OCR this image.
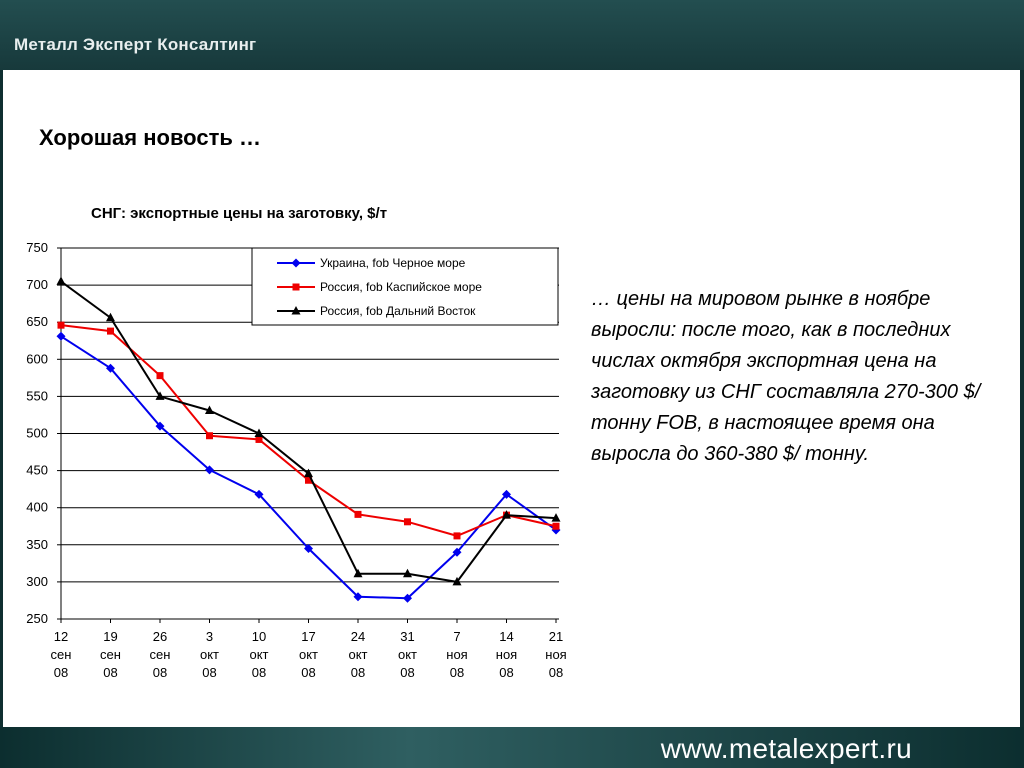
Металл Эксперт Консалтинг
Хорошая новость …
СНГ: экспортные цены на заготовку, $/т
250
300
350
400
450
500
550
600
650
700
750
12
сен
08
19
сен
08
26
сен
08
3
окт
08
10
окт
08
17
окт
08
24
окт
08
31
окт
08
7
ноя
08
14
ноя
08
21
ноя
08
Украина, fob Черное море
Россия, fob Каспийское море
Россия, fob Дальний Восток
… цены на мировом рынке в ноябре выросли: после того, как в последних числах октября экспортная цена на заготовку из СНГ составляла 270-300 $/тонну FOB, в настоящее время она выросла до 360-380 $/ тонну.
www.metalexpert.ru
